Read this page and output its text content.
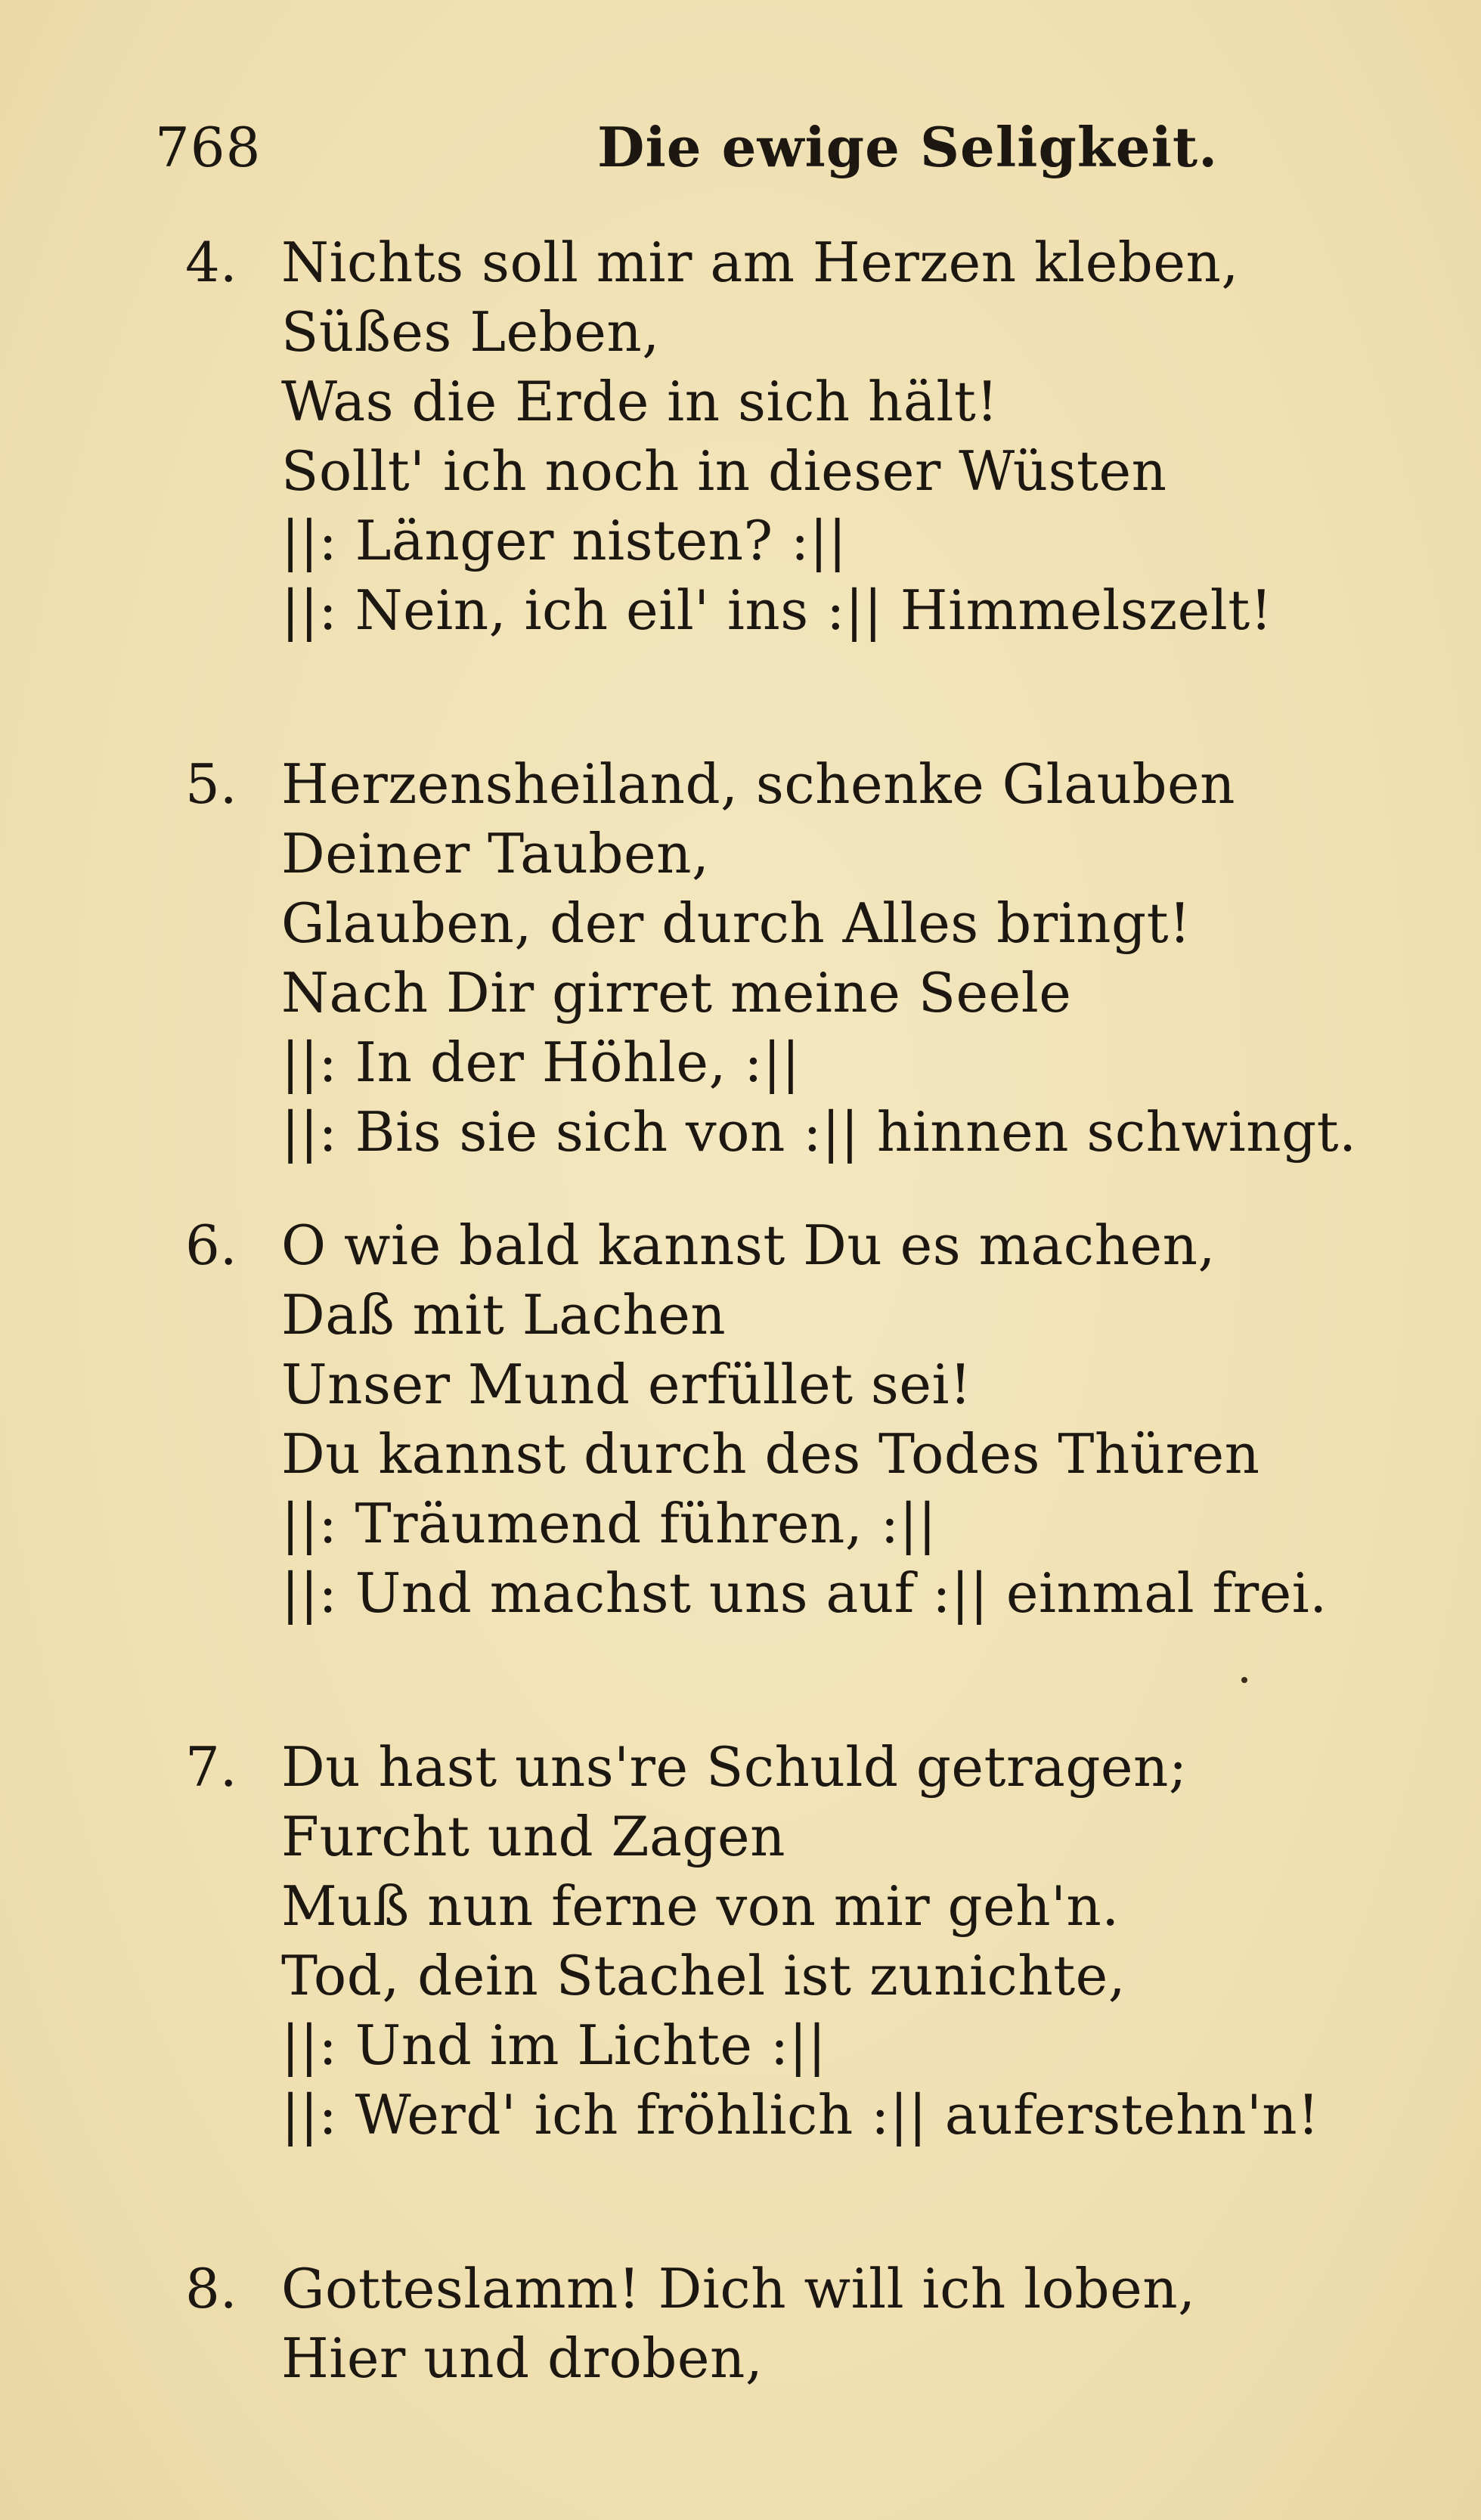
768	Die ewige Seligkeit.
4. Nichts soll mir am Herzen kleben,
Süßes Leben,
Was die Erde in sich hält!
Sollt' ich noch in dieser Wüsten
||: Länger nisten? :||
||: Nein, ich eil' ins :|| Himmelszelt!
5. Herzensheiland, schenke Glauben
Deiner Tauben,
Glauben, der durch Alles bringt!
Nach Dir girret meine Seele
||: In der Höhle, :||
||: Bis sie sich von :|| hinnen schwingt.
6. O wie bald kannst Du es machen,
Daß mit Lachen
Unser Mund erfüllet sei!
Du kannst durch des Todes Thüren
||: Träumend führen, :||
||: Und machst uns auf :|| einmal frei.
7. Du hast uns're Schuld getragen;
Furcht und Zagen
Muß nun ferne von mir geh'n.
Tod, dein Stachel ist zunichte,
||: Und im Lichte :||
||: Werd' ich fröhlich :|| auferstehn'n!
8. Gotteslamm! Dich will ich loben,
Hier und droben,
